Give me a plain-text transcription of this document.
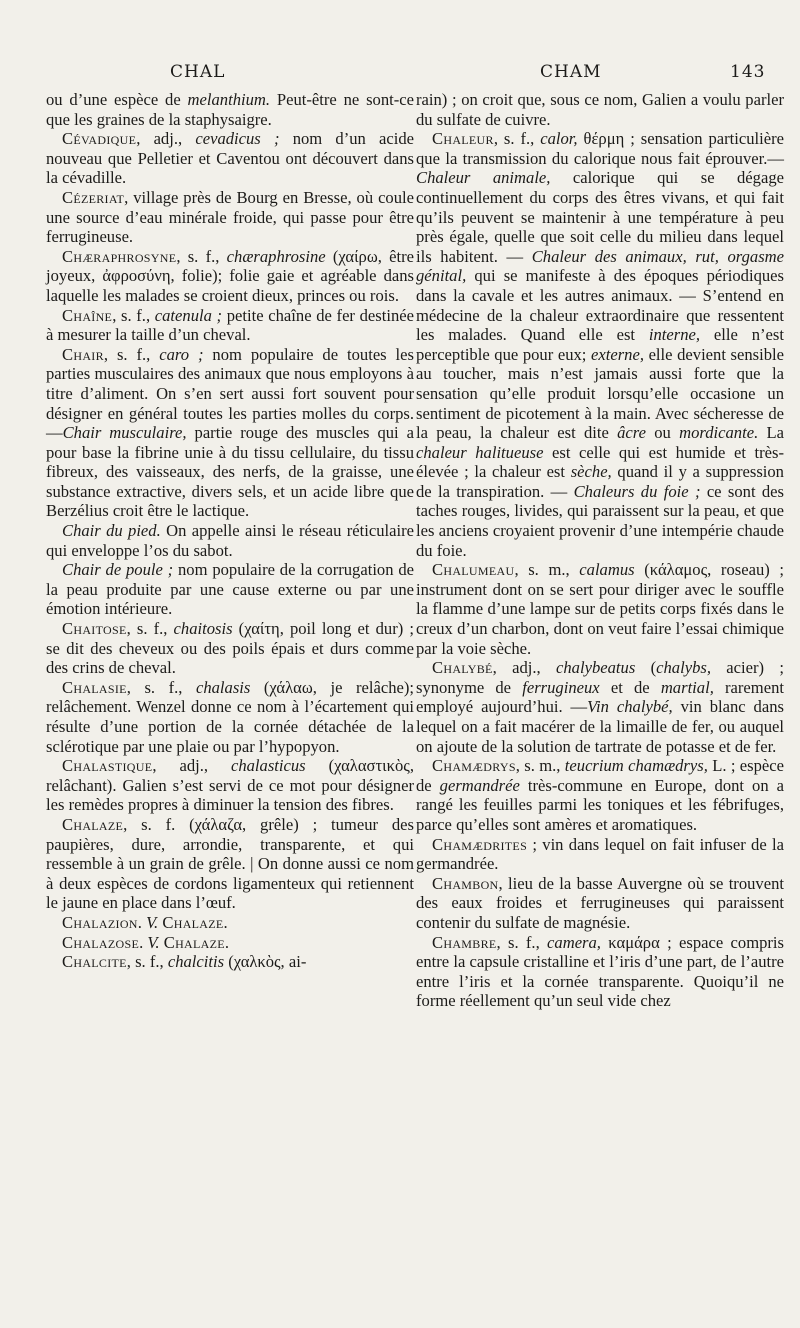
CHAL	CHAM	143

ou d’une espèce de melanthium. Peut-être ne sont-ce que les graines de la staphysaigre.

Cévadique, adj., cevadicus ; nom d’un acide nouveau que Pelletier et Caventou ont découvert dans la cévadille.

Cézeriat, village près de Bourg en Bresse, où coule une source d’eau minérale froide, qui passe pour être ferrugineuse.

Chæraphrosyne, s. f., chæraphrosine (χαίρω, être joyeux, ἀφροσύνη, folie); folie gaie et agréable dans laquelle les malades se croient dieux, princes ou rois.

Chaîne, s. f., catenula ; petite chaîne de fer destinée à mesurer la taille d’un cheval.

Chair, s. f., caro ; nom populaire de toutes les parties musculaires des animaux que nous employons à titre d’aliment. On s’en sert aussi fort souvent pour désigner en général toutes les parties molles du corps.—Chair musculaire, partie rouge des muscles qui a pour base la fibrine unie à du tissu cellulaire, du tissu fibreux, des vaisseaux, des nerfs, de la graisse, une substance extractive, divers sels, et un acide libre que Berzélius croit être le lactique.

Chair du pied. On appelle ainsi le réseau réticulaire qui enveloppe l’os du sabot.

Chair de poule ; nom populaire de la corrugation de la peau produite par une cause externe ou par une émotion intérieure.

Chaitose, s. f., chaitosis (χαίτη, poil long et dur) ; se dit des cheveux ou des poils épais et durs comme des crins de cheval.

Chalasie, s. f., chalasis (χάλαω, je relâche); relâchement. Wenzel donne ce nom à l’écartement qui résulte d’une portion de la cornée détachée de la sclérotique par une plaie ou par l’hypopyon.

Chalastique, adj., chalasticus (χαλαστικὸς, relâchant). Galien s’est servi de ce mot pour désigner les remèdes propres à diminuer la tension des fibres.

Chalaze, s. f. (χάλαζα, grêle) ; tumeur des paupières, dure, arrondie, transparente, et qui ressemble à un grain de grêle. | On donne aussi ce nom à deux espèces de cordons ligamenteux qui retiennent le jaune en place dans l’œuf.

Chalazion. V. Chalaze.

Chalazose. V. Chalaze.

Chalcite, s. f., chalcitis (χαλκὸς, ai-

rain) ; on croit que, sous ce nom, Galien a voulu parler du sulfate de cuivre.

Chaleur, s. f., calor, θέρμη ; sensation particulière que la transmission du calorique nous fait éprouver.—Chaleur animale, calorique qui se dégage continuellement du corps des êtres vivans, et qui fait qu’ils peuvent se maintenir à une température à peu près égale, quelle que soit celle du milieu dans lequel ils habitent. — Chaleur des animaux, rut, orgasme génital, qui se manifeste à des époques périodiques dans la cavale et les autres animaux. — S’entend en médecine de la chaleur extraordinaire que ressentent les malades. Quand elle est interne, elle n’est perceptible que pour eux; externe, elle devient sensible au toucher, mais n’est jamais aussi forte que la sensation qu’elle produit lorsqu’elle occasione un sentiment de picotement à la main. Avec sécheresse de la peau, la chaleur est dite âcre ou mordicante. La chaleur halitueuse est celle qui est humide et très-élevée ; la chaleur est sèche, quand il y a suppression de la transpiration. — Chaleurs du foie ; ce sont des taches rouges, livides, qui paraissent sur la peau, et que les anciens croyaient provenir d’une intempérie chaude du foie.

Chalumeau, s. m., calamus (κάλαμος, roseau) ; instrument dont on se sert pour diriger avec le souffle la flamme d’une lampe sur de petits corps fixés dans le creux d’un charbon, dont on veut faire l’essai chimique par la voie sèche.

Chalybé, adj., chalybeatus (chalybs, acier) ; synonyme de ferrugineux et de martial, rarement employé aujourd’hui. —Vin chalybé, vin blanc dans lequel on a fait macérer de la limaille de fer, ou auquel on ajoute de la solution de tartrate de potasse et de fer.

Chamædrys, s. m., teucrium chamædrys, L. ; espèce de germandrée très-commune en Europe, dont on a rangé les feuilles parmi les toniques et les fébrifuges, parce qu’elles sont amères et aromatiques.

Chamædrites ; vin dans lequel on fait infuser de la germandrée.

Chambon, lieu de la basse Auvergne où se trouvent des eaux froides et ferrugineuses qui paraissent contenir du sulfate de magnésie.

Chambre, s. f., camera, καμάρα ; espace compris entre la capsule cristalline et l’iris d’une part, de l’autre entre l’iris et la cornée transparente. Quoiqu’il ne forme réellement qu’un seul vide chez
